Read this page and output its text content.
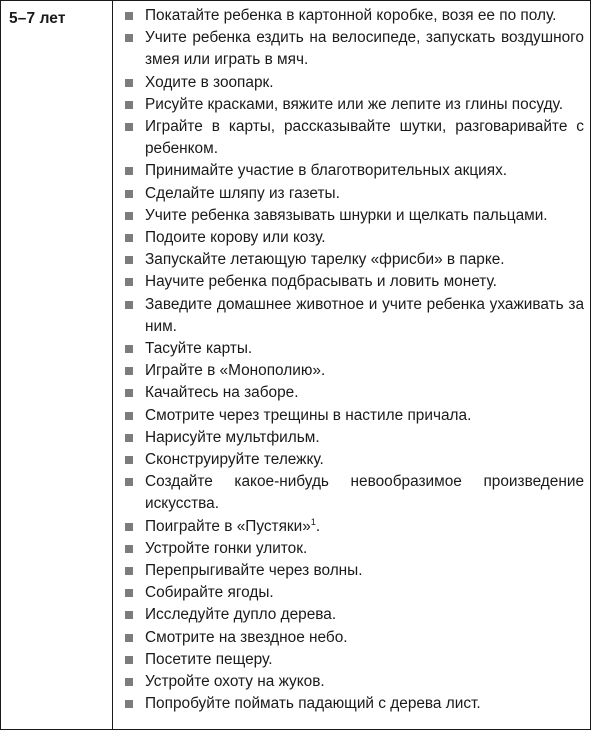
5–7 лет	Покатайте ребенка в картонной коробке, возя ее по полу.
Учите ребенка ездить на велосипеде, запускать воздушного змея или играть в мяч.
Ходите в зоопарк.
Рисуйте красками, вяжите или же лепите из глины посуду.
Играйте в карты, рассказывайте шутки, разговаривайте с ребенком.
Принимайте участие в благотворительных акциях.
Сделайте шляпу из газеты.
Учите ребенка завязывать шнурки и щелкать пальцами.
Подоите корову или козу.
Запускайте летающую тарелку «фрисби» в парке.
Научите ребенка подбрасывать и ловить монету.
Заведите домашнее животное и учите ребенка ухаживать за ним.
Тасуйте карты.
Играйте в «Монополию».
Качайтесь на заборе.
Смотрите через трещины в настиле причала.
Нарисуйте мультфильм.
Сконструируйте тележку.
Создайте какое-нибудь невообразимое произведение искусства.
Поиграйте в «Пустяки»$^1$.
Устройте гонки улиток.
Перепрыгивайте через волны.
Собирайте ягоды.
Исследуйте дупло дерева.
Смотрите на звездное небо.
Посетите пещеру.
Устройте охоту на жуков.
Попробуйте поймать падающий с дерева лист.
